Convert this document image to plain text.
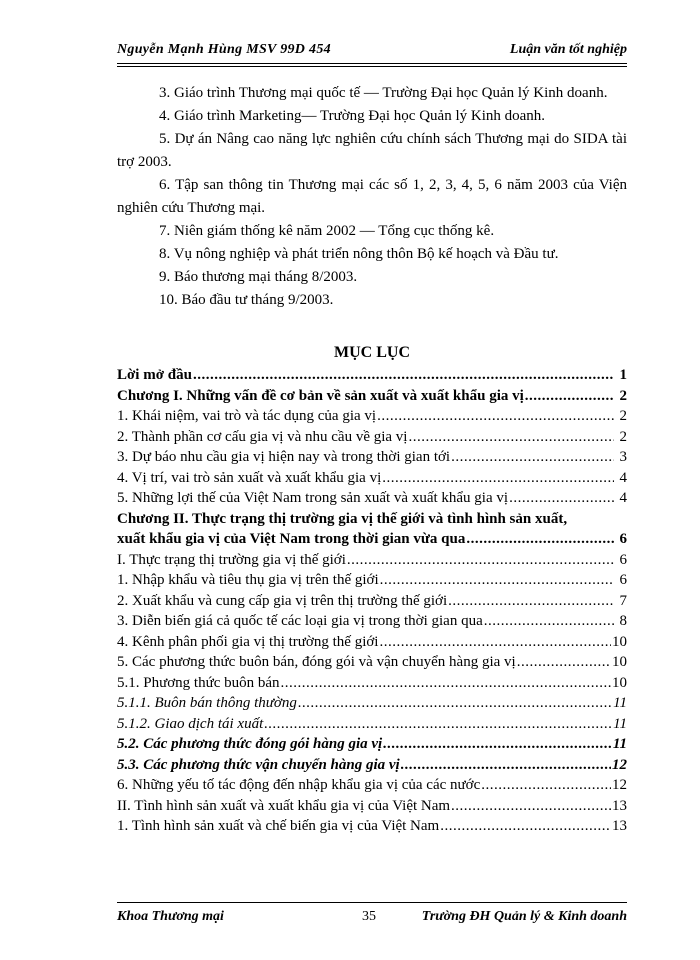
Nguyễn Mạnh Hùng MSV 99D 454	Luận văn tốt nghiệp

3. Giáo trình Thương mại quốc tế — Trường Đại học Quản lý Kinh doanh.

4. Giáo trình Marketing— Trường Đại học Quản lý Kinh doanh.

5. Dự án Nâng cao năng lực nghiên cứu chính sách Thương mại do SIDA tài trợ 2003.

6. Tập san thông tin Thương mại các số 1, 2, 3, 4, 5, 6 năm 2003 của Viện nghiên cứu Thương mại.

7. Niên giám thống kê năm 2002 — Tổng cục thống kê.

8. Vụ nông nghiệp và phát triển nông thôn Bộ kế hoạch và Đầu tư.

9. Báo thương mại tháng 8/2003.

10. Báo đầu tư tháng 9/2003.

MỤC LỤC
Lời mở đầu .....	1
Chương I. Những vấn đề cơ bản về sản xuất và xuất khẩu gia vị .....	2
1. Khái niệm, vai trò và tác dụng của gia vị .....	2
2. Thành phần cơ cấu gia vị và nhu cầu về gia vị .....	2
3. Dự báo nhu cầu gia vị hiện nay và trong thời gian tới .....	3
4. Vị trí, vai trò sản xuất và xuất khẩu gia vị .....	4
5. Những lợi thế của Việt Nam trong sản xuất và xuất khẩu gia vị .....	4
Chương II. Thực trạng thị trường gia vị thế giới và tình hình sản xuất,
xuất khẩu gia vị của Việt Nam trong thời gian vừa qua .....	6
I. Thực trạng thị trường gia vị thế giới .....	6
1. Nhập khẩu và tiêu thụ gia vị trên thế giới .....	6
2. Xuất khẩu và cung cấp gia vị trên thị trường thế giới .....	7
3. Diễn biến giá cả quốc tế các loại gia vị trong thời gian qua .....	8
4. Kênh phân phối gia vị thị trường thế giới .....	10
5. Các phương thức buôn bán, đóng gói và vận chuyển hàng gia vị .....	10
5.1. Phương thức buôn bán .....	10
5.1.1. Buôn bán thông thường .....	11
5.1.2. Giao dịch tái xuất .....	11
5.2. Các phương thức đóng gói hàng gia vị .....	11
5.3. Các phương thức vận chuyển hàng gia vị .....	12
6. Những yếu tố tác động đến nhập khẩu gia vị của các nước .....	12
II. Tình hình sản xuất và xuất khẩu gia vị của Việt Nam .....	13
1. Tình hình sản xuất và chế biến gia vị của Việt Nam .....	13
Khoa Thương mại	35	Trường ĐH Quản lý & Kinh doanh
